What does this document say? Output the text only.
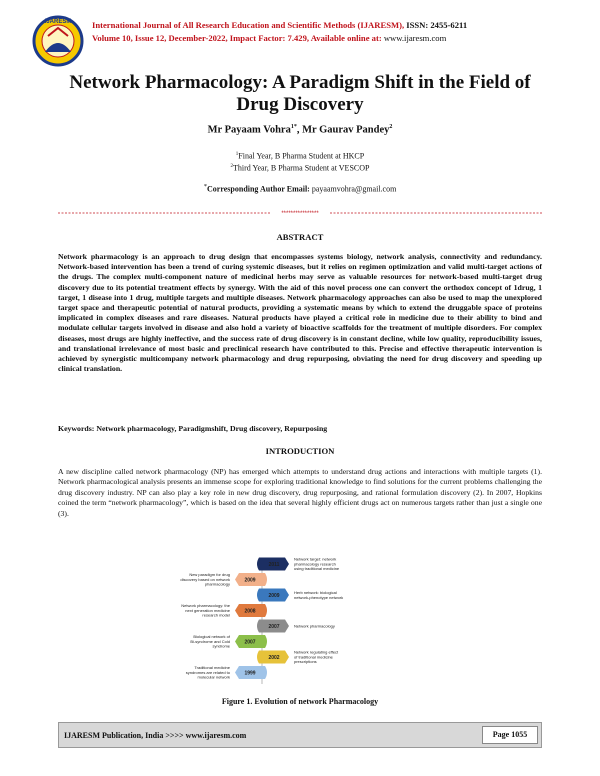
IJARESM International Journal of All Research Education and Scientific Methods (IJARESM), ISSN: 2455-6211
Volume 10, Issue 12, December-2022, Impact Factor: 7.429, Available online at: www.ijaresm.com
Network Pharmacology: A Paradigm Shift in the Field of
Drug Discovery
Mr Payaam Vohra$^{1*}$, Mr Gaurav Pandey$^2$
$^1$Final Year, B Pharma Student at HKCP
$^2$Third Year, B Pharma Student at VESCOP
*Corresponding Author Email: payaamvohra@gmail.com
****************
ABSTRACT
Network pharmacology is an approach to drug design that encompasses systems biology, network analysis, connectivity and redundancy. Network-based intervention has been a trend of curing systemic diseases, but it relies on regimen optimization and valid multi-target actions of the drugs. The complex multi-component nature of medicinal herbs may serve as valuable resources for network-based multi-target drug discovery due to its potential treatment effects by synergy. With the aid of this novel process one can convert the orthodox concept of 1drug, 1 target, 1 disease into 1 drug, multiple targets and multiple diseases. Network pharmacology approaches can also be used to map the unexplored target space and therapeutic potential of natural products, providing a systematic means by which to extend the druggable space of proteins implicated in complex diseases and rare diseases. Natural products have played a critical role in medicine due to their ability to bind and modulate cellular targets involved in disease and also hold a variety of bioactive scaffolds for the treatment of multiple disorders. For complex diseases, most drugs are highly ineffective, and the success rate of drug discovery is in constant decline, while low quality, reproducibility issues, and translational irrelevance of most basic and preclinical research have contributed to this. Precise and effective therapeutic intervention is achieved by synergistic multicompany network pharmacology and drug repurposing, obviating the need for drug discovery and speeding up clinical translation.
Keywords: Network pharmacology, Paradigmshift, Drug discovery, Repurposing
INTRODUCTION
A new discipline called network pharmacology (NP) has emerged which attempts to understand drug actions and interactions with multiple targets (1). Network pharmacological analysis presents an immense scope for exploring traditional knowledge to find solutions for the current problems challenging the drug discovery industry. NP can also play a key role in new drug discovery, drug repurposing, and rational formulation discovery (2). In 2007, Hopkins coined the term “network pharmacology”, which is based on the idea that several highly efficient drugs act on numerous targets rather than just a single one (3).
2011
Network target: network
pharmacology research
using traditional medicine
2009
New paradigm for drug
discovery based on network
pharmacology
2009
Herb network: biological
network-phenotype network
2008
Network pharmacology: the
next generation medicine
research model
2007	Network pharmacology
2007
Biological network of
Bi-syndrome and Cold
syndrome
2002
Network regulating effect
of traditional medicine
prescriptions
1999
Traditional medicine
syndromes are related to
molecular network
Figure 1. Evolution of network Pharmacology
IJARESM Publication, India >>>> www.ijaresm.com	Page 1055
